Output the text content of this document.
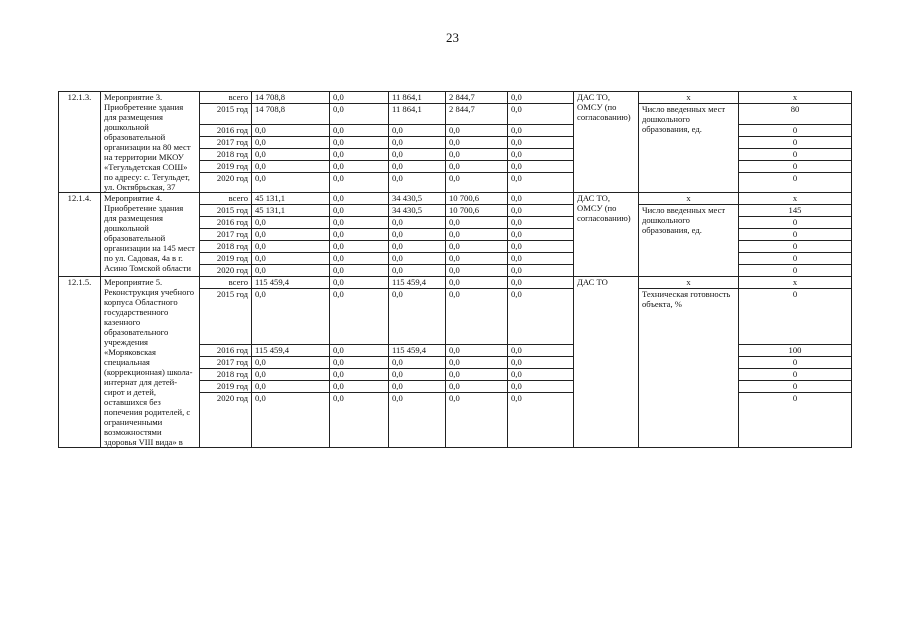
23
12.1.3.	Мероприятие 3. Приобретение здания для размещения дошкольной образовательной организации на 80 мест на территории МКОУ «Тегульдетская СОШ» по адресу: с. Тегульдет, ул. Октябрьская, 37	всего	14 708,8	0,0	11 864,1	2 844,7	0,0	ДАС ТО, ОМСУ (по согласованию)	x	x
		2015 год	14 708,8	0,0	11 864,1	2 844,7	0,0		Число введенных мест дошкольного образования, ед.	80
		2016 год	0,0	0,0	0,0	0,0	0,0			0
		2017 год	0,0	0,0	0,0	0,0	0,0			0
		2018 год	0,0	0,0	0,0	0,0	0,0			0
		2019 год	0,0	0,0	0,0	0,0	0,0			0
		2020 год	0,0	0,0	0,0	0,0	0,0			0

12.1.4.	Мероприятие 4. Приобретение здания для размещения дошкольной образовательной организации на 145 мест по ул. Садовая, 4а в г. Асино Томской области	всего	45 131,1	0,0	34 430,5	10 700,6	0,0	ДАС ТО, ОМСУ (по согласованию)	x	x
		2015 год	45 131,1	0,0	34 430,5	10 700,6	0,0		Число введенных мест дошкольного образования, ед.	145
		2016 год	0,0	0,0	0,0	0,0	0,0			0
		2017 год	0,0	0,0	0,0	0,0	0,0			0
		2018 год	0,0	0,0	0,0	0,0	0,0			0
		2019 год	0,0	0,0	0,0	0,0	0,0			0
		2020 год	0,0	0,0	0,0	0,0	0,0			0

12.1.5.	Мероприятие 5. Реконструкция учебного корпуса Областного государственного казенного образовательного учреждения «Моряковская специальная (коррекционная) школа-интернат для детей-сирот и детей, оставшихся без попечения родителей, с ограниченными возможностями здоровья VIII вида» в	всего	115 459,4	0,0	115 459,4	0,0	0,0	ДАС ТО	x	x
		2015 год	0,0	0,0	0,0	0,0	0,0		Техническая готовность объекта, %	0
		2016 год	115 459,4	0,0	115 459,4	0,0	0,0			100
		2017 год	0,0	0,0	0,0	0,0	0,0			0
		2018 год	0,0	0,0	0,0	0,0	0,0			0
		2019 год	0,0	0,0	0,0	0,0	0,0			0
		2020 год	0,0	0,0	0,0	0,0	0,0			0
